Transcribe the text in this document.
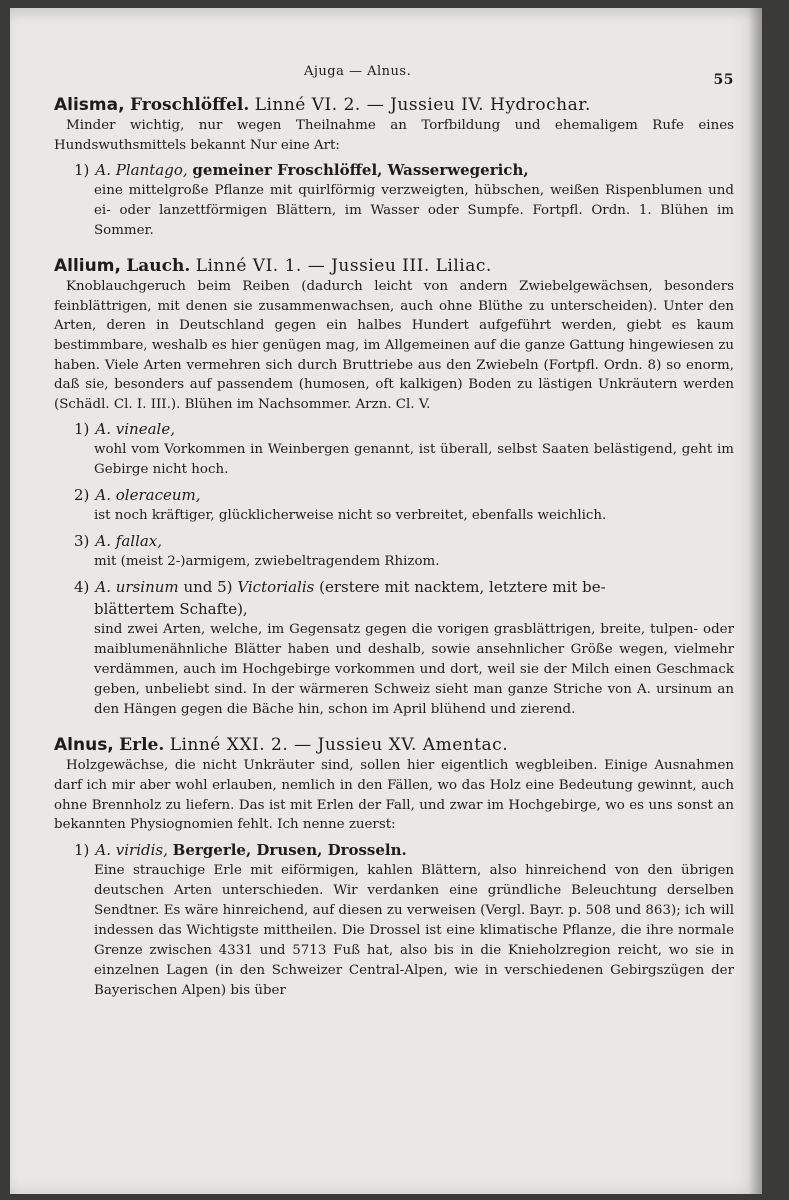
Ajuga — Alnus.
55
Alisma, Froschlöffel. Linné VI. 2. — Jussieu IV. Hydrochar.

Minder wichtig, nur wegen Theilnahme an Torfbildung und ehemaligem Rufe eines Hundswuthsmittels bekannt Nur eine Art:

1) A. Plantago, gemeiner Froschlöffel, Wasserwegerich,

eine mittelgroße Pflanze mit quirlförmig verzweigten, hübschen, weißen Rispenblumen und ei- oder lanzettförmigen Blättern, im Wasser oder Sumpfe. Fortpfl. Ordn. 1. Blühen im Sommer.

Allium, Lauch. Linné VI. 1. — Jussieu III. Liliac.

Knoblauchgeruch beim Reiben (dadurch leicht von andern Zwiebelgewächsen, besonders feinblättrigen, mit denen sie zusammenwachsen, auch ohne Blüthe zu unterscheiden). Unter den Arten, deren in Deutschland gegen ein halbes Hundert aufgeführt werden, giebt es kaum bestimmbare, weshalb es hier genügen mag, im Allgemeinen auf die ganze Gattung hingewiesen zu haben. Viele Arten vermehren sich durch Bruttriebe aus den Zwiebeln (Fortpfl. Ordn. 8) so enorm, daß sie, besonders auf passendem (humosen, oft kalkigen) Boden zu lästigen Unkräutern werden (Schädl. Cl. I. III.). Blühen im Nachsommer. Arzn. Cl. V.

1) A. vineale,

wohl vom Vorkommen in Weinbergen genannt, ist überall, selbst Saaten belästigend, geht im Gebirge nicht hoch.

2) A. oleraceum,

ist noch kräftiger, glücklicherweise nicht so verbreitet, ebenfalls weichlich.

3) A. fallax,

mit (meist 2-)armigem, zwiebeltragendem Rhizom.

4) A. ursinum und 5) Victorialis (erstere mit nacktem, letztere mit be-
blättertem Schafte),

sind zwei Arten, welche, im Gegensatz gegen die vorigen grasblättrigen, breite, tulpen- oder maiblumenähnliche Blätter haben und deshalb, sowie ansehnlicher Größe wegen, vielmehr verdämmen, auch im Hochgebirge vorkommen und dort, weil sie der Milch einen Geschmack geben, unbeliebt sind. In der wärmeren Schweiz sieht man ganze Striche von A. ursinum an den Hängen gegen die Bäche hin, schon im April blühend und zierend.

Alnus, Erle. Linné XXI. 2. — Jussieu XV. Amentac.

Holzgewächse, die nicht Unkräuter sind, sollen hier eigentlich wegbleiben. Einige Ausnahmen darf ich mir aber wohl erlauben, nemlich in den Fällen, wo das Holz eine Bedeutung gewinnt, auch ohne Brennholz zu liefern. Das ist mit Erlen der Fall, und zwar im Hochgebirge, wo es uns sonst an bekannten Physiognomien fehlt. Ich nenne zuerst:

1) A. viridis, Bergerle, Drusen, Drosseln.

Eine strauchige Erle mit eiförmigen, kahlen Blättern, also hinreichend von den übrigen deutschen Arten unterschieden. Wir verdanken eine gründliche Beleuchtung derselben Sendtner. Es wäre hinreichend, auf diesen zu verweisen (Vergl. Bayr. p. 508 und 863); ich will indessen das Wichtigste mittheilen. Die Drossel ist eine klimatische Pflanze, die ihre normale Grenze zwischen 4331 und 5713 Fuß hat, also bis in die Knieholzregion reicht, wo sie in einzelnen Lagen (in den Schweizer Central-Alpen, wie in verschiedenen Gebirgszügen der Bayerischen Alpen) bis über
